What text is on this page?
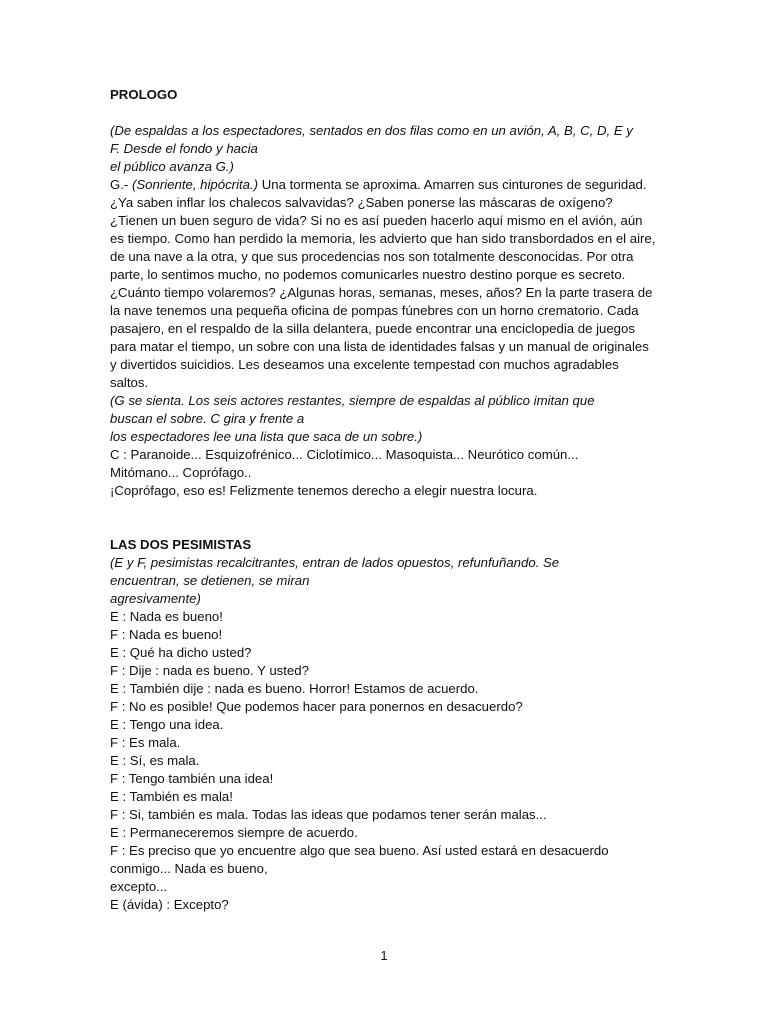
PROLOGO

(De espaldas a los espectadores, sentados en dos filas como en un avión, A, B, C, D, E y

F. Desde el fondo y hacia

el público avanza G.)

G.- (Sonriente, hipócrita.) Una tormenta se aproxima. Amarren sus cinturones de seguridad. ¿Ya saben inflar los chalecos salvavidas? ¿Saben ponerse las máscaras de oxígeno? ¿Tienen un buen seguro de vida? Si no es así pueden hacerlo aquí mismo en el avión, aún es tiempo. Como han perdido la memoria, les advierto que han sido transbordados en el aire, de una nave a la otra, y que sus procedencias nos son totalmente desconocidas. Por otra parte, lo sentimos mucho, no podemos comunicarles nuestro destino porque es secreto. ¿Cuánto tiempo volaremos? ¿Algunas horas, semanas, meses, años? En la parte trasera de la nave tenemos una pequeña oficina de pompas fúnebres con un horno crematorio. Cada pasajero, en el respaldo de la silla delantera, puede encontrar una enciclopedia de juegos para matar el tiempo, un sobre con una lista de identidades falsas y un manual de originales y divertidos suicidios. Les deseamos una excelente tempestad con muchos agradables saltos.

(G se sienta. Los seis actores restantes, siempre de espaldas al público imitan que

buscan el sobre. C gira y frente a

los espectadores lee una lista que saca de un sobre.)

C : Paranoide... Esquizofrénico... Ciclotímico... Masoquista... Neurótico común...

Mitómano... Coprófago..

¡Coprófago, eso es! Felizmente tenemos derecho a elegir nuestra locura.

LAS DOS PESIMISTAS

(E y F, pesimistas recalcitrantes, entran de lados opuestos, refunfuñando. Se

encuentran, se detienen, se miran

agresivamente)

E : Nada es bueno!

F : Nada es bueno!

E : Qué ha dicho usted?

F : Dije : nada es bueno. Y usted?

E : También dije : nada es bueno. Horror! Estamos de acuerdo.

F : No es posible! Que podemos hacer para ponernos en desacuerdo?

E : Tengo una idea.

F : Es mala.

E : Sí, es mala.

F : Tengo también una idea!

E : También es mala!

F : Si, también es mala. Todas las ideas que podamos tener serán malas...

E : Permaneceremos siempre de acuerdo.

F : Es preciso que yo encuentre algo que sea bueno. Así usted estará en desacuerdo

conmigo... Nada es bueno,

excepto...

E (ávida) : Excepto?

1
